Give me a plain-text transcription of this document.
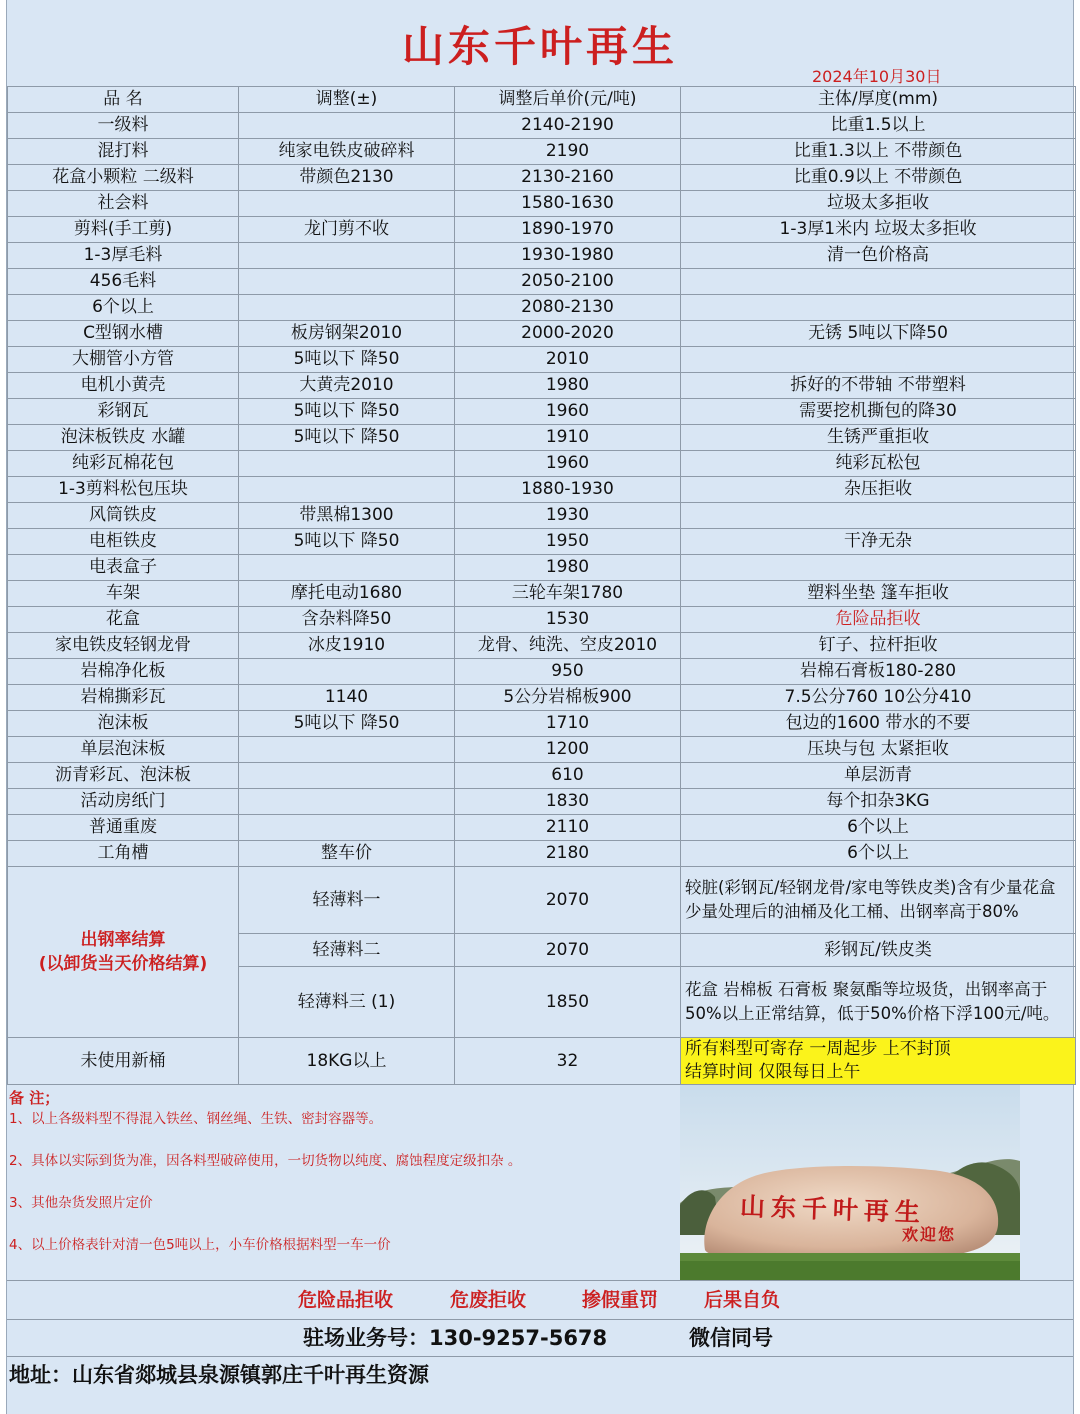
山东千叶再生
2024年10月30日
品 名	调整(±)	调整后单价(元/吨)	主体/厚度(mm)
一级料		2140-2190	比重1.5以上
混打料	纯家电铁皮破碎料	2190	比重1.3以上 不带颜色
花盒小颗粒 二级料	带颜色2130	2130-2160	比重0.9以上 不带颜色
社会料		1580-1630	垃圾太多拒收
剪料(手工剪)	龙门剪不收	1890-1970	1-3厚1米内 垃圾太多拒收
1-3厚毛料		1930-1980	清一色价格高
456毛料		2050-2100	
6个以上		2080-2130	
C型钢水槽	板房钢架2010	2000-2020	无锈 5吨以下降50
大棚管小方管	5吨以下 降50	2010	
电机小黄壳	大黄壳2010	1980	拆好的不带轴 不带塑料
彩钢瓦	5吨以下 降50	1960	需要挖机撕包的降30
泡沫板铁皮 水罐	5吨以下 降50	1910	生锈严重拒收
纯彩瓦棉花包		1960	纯彩瓦松包
1-3剪料松包压块		1880-1930	杂压拒收
风筒铁皮	带黑棉1300	1930	
电柜铁皮	5吨以下 降50	1950	干净无杂
电表盒子		1980	
车架	摩托电动1680	三轮车架1780	塑料坐垫 篷车拒收
花盒	含杂料降50	1530	危险品拒收
家电铁皮轻钢龙骨	冰皮1910	龙骨、纯洗、空皮2010	钉子、拉杆拒收
岩棉净化板		950	岩棉石膏板180-280
岩棉撕彩瓦	1140	5公分岩棉板900	7.5公分760 10公分410
泡沫板	5吨以下 降50	1710	包边的1600 带水的不要
单层泡沫板		1200	压块与包 太紧拒收
沥青彩瓦、泡沫板		610	单层沥青
活动房纸门		1830	每个扣杂3KG
普通重废		2110	6个以上
工角槽	整车价	2180	6个以上

出钢率结算
(以卸货当天价格结算)	轻薄料一	2070	较脏(彩钢瓦/轻钢龙骨/家电等铁皮类)含有少量花盒少量处理后的油桶及化工桶、出钢率高于80%
	轻薄料二	2070	彩钢瓦/铁皮类
	轻薄料三 (1)	1850	花盒 岩棉板 石膏板 聚氨酯等垃圾货，出钢率高于50%以上正常结算，低于50%价格下浮100元/吨。
未使用新桶	18KG以上	32	所有料型可寄存 一周起步 上不封顶
结算时间 仅限每日上午
备 注；
1、以上各级料型不得混入铁丝、钢丝绳、生铁、密封容器等。
2、具体以实际到货为准，因各料型破碎使用，一切货物以纯度、腐蚀程度定级扣杂 。
3、其他杂货发照片定价
4、以上价格表针对清一色5吨以上，小车价格根据料型一车一价
山东千叶再生
欢迎您
危险品拒收	危废拒收	掺假重罚 后果自负
驻场业务号：130-9257-5678	微信同号
地址：山东省郯城县泉源镇郭庄千叶再生资源
